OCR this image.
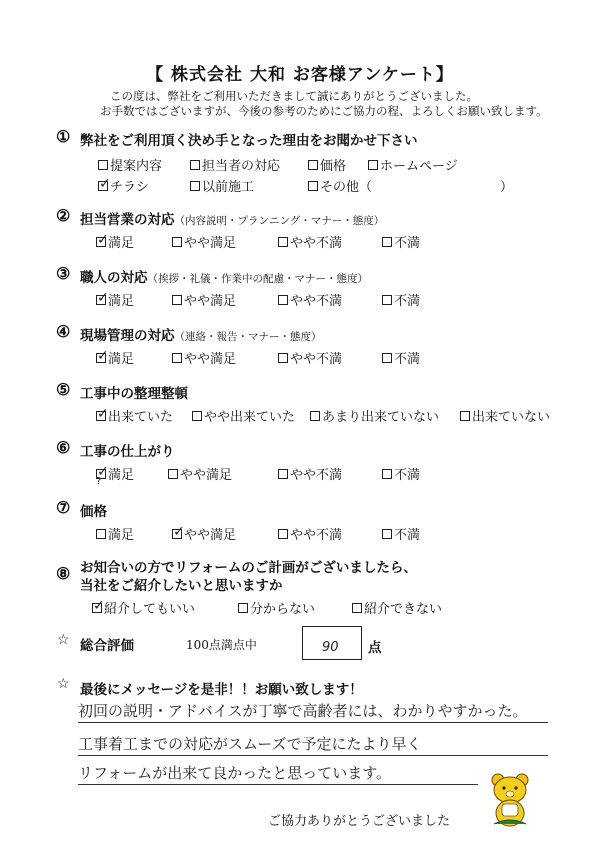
【 株式会社 大和 お客様アンケート】
この度は、弊社をご利用いただきまして誠にありがとうございました。
お手数ではございますが、今後の参考のためにご協力の程、よろしくお願い致します。
① 弊社をご利用頂く決め手となった理由をお聞かせ下さい
提案内容	担当者の対応	価格	ホームページ
✓ チラシ	以前施工	その他（	）
② 担当営業の対応（内容説明・プランニング・マナー・態度）
✓ 満足	やや満足	やや不満	不満
③ 職人の対応（挨拶・礼儀・作業中の配慮・マナー・態度）
✓ 満足	やや満足	やや不満	不満
④ 現場管理の対応（連絡・報告・マナー・態度）
✓ 満足	やや満足	やや不満	不満
⑤ 工事中の整理整頓
✓ 出来ていた やや出来ていた あまり出来ていない	出来ていない
⑥ 工事の仕上がり
✓ 満足
?	やや満足	やや不満	不満
⑦ 価格
満足	✓ やや満足	やや不満	不満
⑧ お知合いの方でリフォームのご計画がございましたら、
当社をご紹介したいと思いますか
✓ 紹介してもいい	分からない	紹介できない
☆ 総合評価	100点満点中	90 点
☆ 最後にメッセージを是非！！お願い致します！
初回の説明・アドバイスが丁寧で高齢者には、わかりやすかった。
工事着工までの対応がスムーズで予定にたより早く
リフォームが出来て良かったと思っています。
ご協力ありがとうございました
